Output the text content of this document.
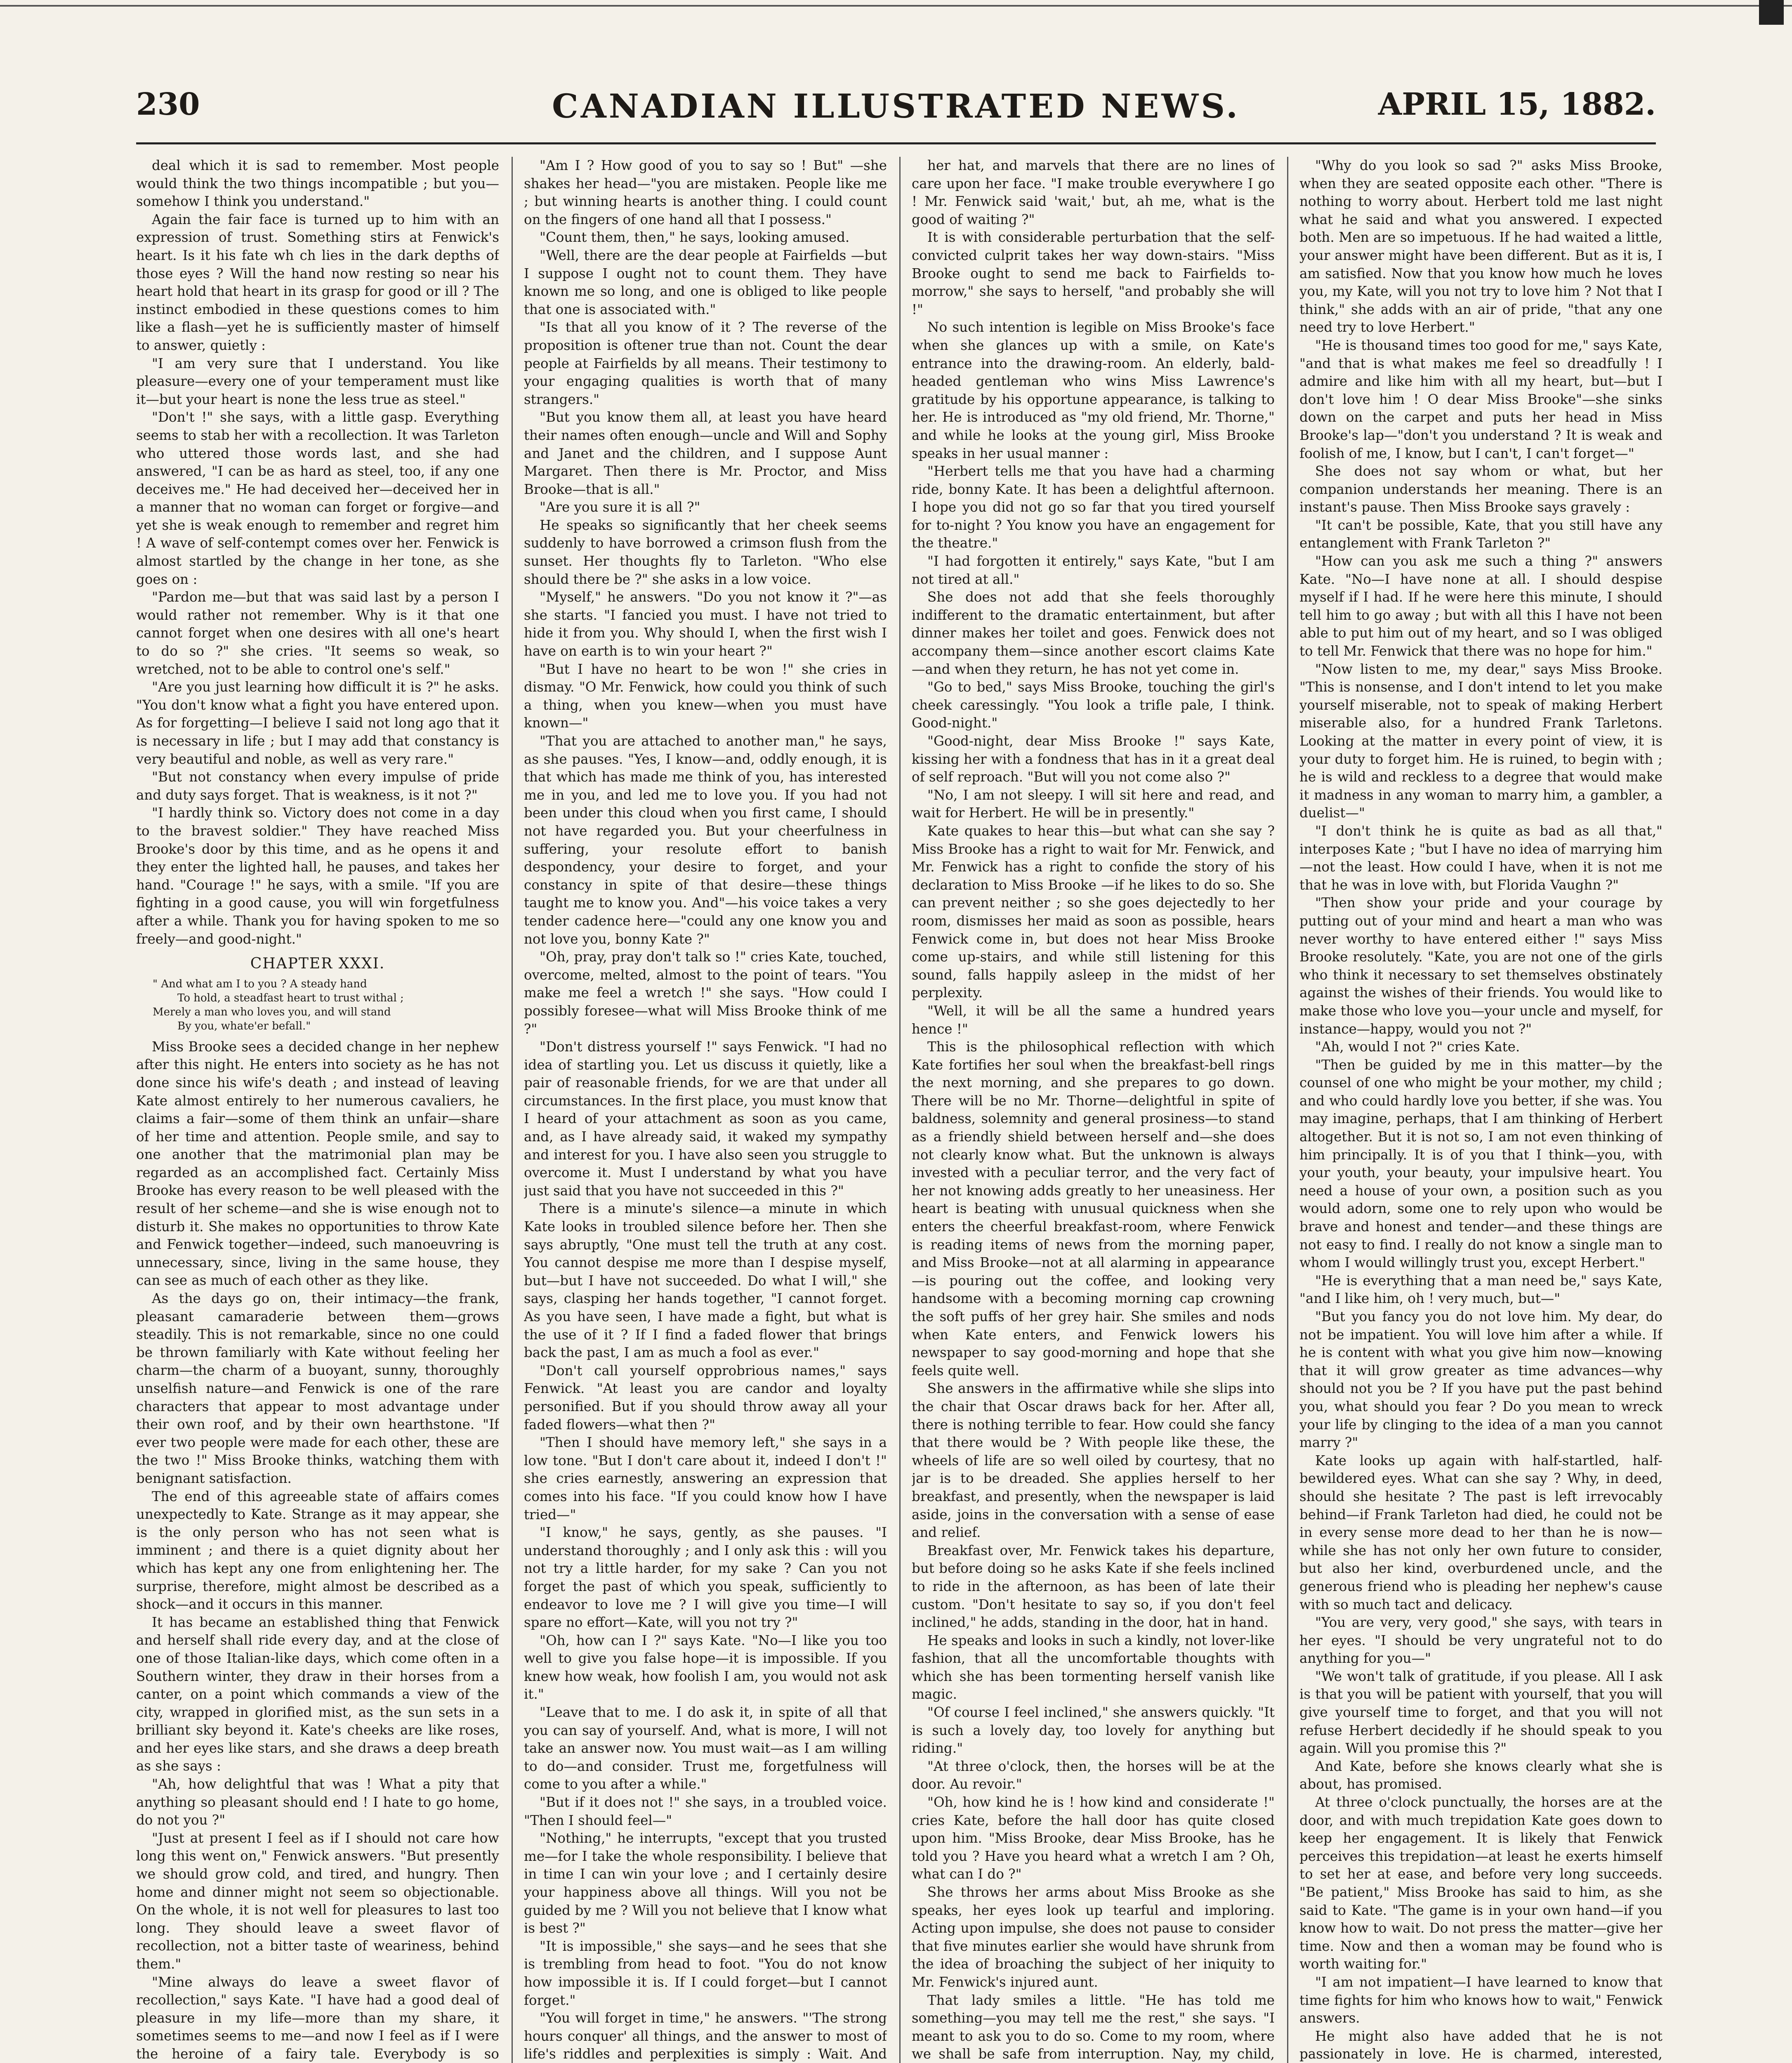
230	CANADIAN ILLUSTRATED NEWS.	APRIL 15, 1882.

deal which it is sad to remember. Most people would think the two things incompatible ; but you—somehow I think you understand."

Again the fair face is turned up to him with an expression of trust. Something stirs at Fenwick's heart. Is it his fate wh ch lies in the dark depths of those eyes ? Will the hand now resting so near his heart hold that heart in its grasp for good or ill ? The instinct embodied in these questions comes to him like a flash—yet he is sufficiently master of himself to answer, quietly :

"I am very sure that I understand. You like pleasure—every one of your temperament must like it—but your heart is none the less true as steel."

"Don't !" she says, with a little gasp. Everything seems to stab her with a recollection. It was Tarleton who uttered those words last, and she had answered, "I can be as hard as steel, too, if any one deceives me." He had deceived her—deceived her in a manner that no woman can forget or forgive—and yet she is weak enough to remember and regret him ! A wave of self-contempt comes over her. Fenwick is almost startled by the change in her tone, as she goes on :

"Pardon me—but that was said last by a person I would rather not remember. Why is it that one cannot forget when one desires with all one's heart to do so ?" she cries. "It seems so weak, so wretched, not to be able to control one's self."

"Are you just learning how difficult it is ?" he asks. "You don't know what a fight you have entered upon. As for forgetting—I believe I said not long ago that it is necessary in life ; but I may add that constancy is very beautiful and noble, as well as very rare."

"But not constancy when every impulse of pride and duty says forget. That is weakness, is it not ?"

"I hardly think so. Victory does not come in a day to the bravest soldier." They have reached Miss Brooke's door by this time, and as he opens it and they enter the lighted hall, he pauses, and takes her hand. "Courage !" he says, with a smile. "If you are fighting in a good cause, you will win forgetfulness after a while. Thank you for having spoken to me so freely—and good-night."

CHAPTER XXXI.
" And what am I to you ? A steady hand
To hold, a steadfast heart to trust withal ;
Merely a man who loves you, and will stand
By you, whate'er befall."

Miss Brooke sees a decided change in her nephew after this night. He enters into society as he has not done since his wife's death ; and instead of leaving Kate almost entirely to her numerous cavaliers, he claims a fair—some of them think an unfair—share of her time and attention. People smile, and say to one another that the matrimonial plan may be regarded as an accomplished fact. Certainly Miss Brooke has every reason to be well pleased with the result of her scheme—and she is wise enough not to disturb it. She makes no opportunities to throw Kate and Fenwick together—indeed, such manoeuvring is unnecessary, since, living in the same house, they can see as much of each other as they like.

As the days go on, their intimacy—the frank, pleasant camaraderie between them—grows steadily. This is not remarkable, since no one could be thrown familiarly with Kate without feeling her charm—the charm of a buoyant, sunny, thoroughly unselfish nature—and Fenwick is one of the rare characters that appear to most advantage under their own roof, and by their own hearthstone. "If ever two people were made for each other, these are the two !" Miss Brooke thinks, watching them with benignant satisfaction.

The end of this agreeable state of affairs comes unexpectedly to Kate. Strange as it may appear, she is the only person who has not seen what is imminent ; and there is a quiet dignity about her which has kept any one from enlightening her. The surprise, therefore, might almost be described as a shock—and it occurs in this manner.

It has became an established thing that Fenwick and herself shall ride every day, and at the close of one of those Italian-like days, which come often in a Southern winter, they draw in their horses from a canter, on a point which commands a view of the city, wrapped in glorified mist, as the sun sets in a brilliant sky beyond it. Kate's cheeks are like roses, and her eyes like stars, and she draws a deep breath as she says :

"Ah, how delightful that was ! What a pity that anything so pleasant should end ! I hate to go home, do not you ?"

"Just at present I feel as if I should not care how long this went on," Fenwick answers. "But presently we should grow cold, and tired, and hungry. Then home and dinner might not seem so objectionable. On the whole, it is not well for pleasures to last too long. They should leave a sweet flavor of recollection, not a bitter taste of weariness, behind them."

"Mine always do leave a sweet flavor of recollection," says Kate. "I have had a good deal of pleasure in my life—more than my share, it sometimes seems to me—and now I feel as if I were the heroine of a fairy tale. Everybody is so

"Am I ? How good of you to say so ! But" —she shakes her head—"you are mistaken. People like me ; but winning hearts is another thing. I could count on the fingers of one hand all that I possess."

"Count them, then," he says, looking amused.

"Well, there are the dear people at Fairfields —but I suppose I ought not to count them. They have known me so long, and one is obliged to like people that one is associated with."

"Is that all you know of it ? The reverse of the proposition is oftener true than not. Count the dear people at Fairfields by all means. Their testimony to your engaging qualities is worth that of many strangers."

"But you know them all, at least you have heard their names often enough—uncle and Will and Sophy and Janet and the children, and I suppose Aunt Margaret. Then there is Mr. Proctor, and Miss Brooke—that is all."

"Are you sure it is all ?"

He speaks so significantly that her cheek seems suddenly to have borrowed a crimson flush from the sunset. Her thoughts fly to Tarleton. "Who else should there be ?" she asks in a low voice.

"Myself," he answers. "Do you not know it ?"—as she starts. "I fancied you must. I have not tried to hide it from you. Why should I, when the first wish I have on earth is to win your heart ?"

"But I have no heart to be won !" she cries in dismay. "O Mr. Fenwick, how could you think of such a thing, when you knew—when you must have known—"

"That you are attached to another man," he says, as she pauses. "Yes, I know—and, oddly enough, it is that which has made me think of you, has interested me in you, and led me to love you. If you had not been under this cloud when you first came, I should not have regarded you. But your cheerfulness in suffering, your resolute effort to banish despondency, your desire to forget, and your constancy in spite of that desire—these things taught me to know you. And"—his voice takes a very tender cadence here—"could any one know you and not love you, bonny Kate ?"

"Oh, pray, pray don't talk so !" cries Kate, touched, overcome, melted, almost to the point of tears. "You make me feel a wretch !" she says. "How could I possibly foresee—what will Miss Brooke think of me ?"

"Don't distress yourself !" says Fenwick. "I had no idea of startling you. Let us discuss it quietly, like a pair of reasonable friends, for we are that under all circumstances. In the first place, you must know that I heard of your attachment as soon as you came, and, as I have already said, it waked my sympathy and interest for you. I have also seen you struggle to overcome it. Must I understand by what you have just said that you have not succeeded in this ?"

There is a minute's silence—a minute in which Kate looks in troubled silence before her. Then she says abruptly, "One must tell the truth at any cost. You cannot despise me more than I despise myself, but—but I have not succeeded. Do what I will," she says, clasping her hands together, "I cannot forget. As you have seen, I have made a fight, but what is the use of it ? If I find a faded flower that brings back the past, I am as much a fool as ever."

"Don't call yourself opprobrious names," says Fenwick. "At least you are candor and loyalty personified. But if you should throw away all your faded flowers—what then ?"

"Then I should have memory left," she says in a low tone. "But I don't care about it, indeed I don't !" she cries earnestly, answering an expression that comes into his face. "If you could know how I have tried—"

"I know," he says, gently, as she pauses. "I understand thoroughly ; and I only ask this : will you not try a little harder, for my sake ? Can you not forget the past of which you speak, sufficiently to endeavor to love me ? I will give you time—I will spare no effort—Kate, will you not try ?"

"Oh, how can I ?" says Kate. "No—I like you too well to give you false hope—it is impossible. If you knew how weak, how foolish I am, you would not ask it."

"Leave that to me. I do ask it, in spite of all that you can say of yourself. And, what is more, I will not take an answer now. You must wait—as I am willing to do—and consider. Trust me, forgetfulness will come to you after a while."

"But if it does not !" she says, in a troubled voice. "Then I should feel—"

"Nothing," he interrupts, "except that you trusted me—for I take the whole responsibility. I believe that in time I can win your love ; and I certainly desire your happiness above all things. Will you not be guided by me ? Will you not believe that I know what is best ?"

"It is impossible," she says—and he sees that she is trembling from head to foot. "You do not know how impossible it is. If I could forget—but I cannot forget."

"You will forget in time," he answers. "'The strong hours conquer' all things, and the answer to most of life's riddles and perplexities is simply : Wait. And

her hat, and marvels that there are no lines of care upon her face. "I make trouble everywhere I go ! Mr. Fenwick said 'wait,' but, ah me, what is the good of waiting ?"

It is with considerable perturbation that the self-convicted culprit takes her way down-stairs. "Miss Brooke ought to send me back to Fairfields to-morrow," she says to herself, "and probably she will !"

No such intention is legible on Miss Brooke's face when she glances up with a smile, on Kate's entrance into the drawing-room. An elderly, bald-headed gentleman who wins Miss Lawrence's gratitude by his opportune appearance, is talking to her. He is introduced as "my old friend, Mr. Thorne," and while he looks at the young girl, Miss Brooke speaks in her usual manner :

"Herbert tells me that you have had a charming ride, bonny Kate. It has been a delightful afternoon. I hope you did not go so far that you tired yourself for to-night ? You know you have an engagement for the theatre."

"I had forgotten it entirely," says Kate, "but I am not tired at all."

She does not add that she feels thoroughly indifferent to the dramatic entertainment, but after dinner makes her toilet and goes. Fenwick does not accompany them—since another escort claims Kate—and when they return, he has not yet come in.

"Go to bed," says Miss Brooke, touching the girl's cheek caressingly. "You look a trifle pale, I think. Good-night."

"Good-night, dear Miss Brooke !" says Kate, kissing her with a fondness that has in it a great deal of self reproach. "But will you not come also ?"

"No, I am not sleepy. I will sit here and read, and wait for Herbert. He will be in presently."

Kate quakes to hear this—but what can she say ? Miss Brooke has a right to wait for Mr. Fenwick, and Mr. Fenwick has a right to confide the story of his declaration to Miss Brooke —if he likes to do so. She can prevent neither ; so she goes dejectedly to her room, dismisses her maid as soon as possible, hears Fenwick come in, but does not hear Miss Brooke come up-stairs, and while still listening for this sound, falls happily asleep in the midst of her perplexity.

"Well, it will be all the same a hundred years hence !"

This is the philosophical reflection with which Kate fortifies her soul when the breakfast-bell rings the next morning, and she prepares to go down. There will be no Mr. Thorne—delightful in spite of baldness, solemnity and general prosiness—to stand as a friendly shield between herself and—she does not clearly know what. But the unknown is always invested with a peculiar terror, and the very fact of her not knowing adds greatly to her uneasiness. Her heart is beating with unusual quickness when she enters the cheerful breakfast-room, where Fenwick is reading items of news from the morning paper, and Miss Brooke—not at all alarming in appearance—is pouring out the coffee, and looking very handsome with a becoming morning cap crowning the soft puffs of her grey hair. She smiles and nods when Kate enters, and Fenwick lowers his newspaper to say good-morning and hope that she feels quite well.

She answers in the affirmative while she slips into the chair that Oscar draws back for her. After all, there is nothing terrible to fear. How could she fancy that there would be ? With people like these, the wheels of life are so well oiled by courtesy, that no jar is to be dreaded. She applies herself to her breakfast, and presently, when the newspaper is laid aside, joins in the conversation with a sense of ease and relief.

Breakfast over, Mr. Fenwick takes his departure, but before doing so he asks Kate if she feels inclined to ride in the afternoon, as has been of late their custom. "Don't hesitate to say so, if you don't feel inclined," he adds, standing in the door, hat in hand.

He speaks and looks in such a kindly, not lover-like fashion, that all the uncomfortable thoughts with which she has been tormenting herself vanish like magic.

"Of course I feel inclined," she answers quickly. "It is such a lovely day, too lovely for anything but riding."

"At three o'clock, then, the horses will be at the door. Au revoir."

"Oh, how kind he is ! how kind and considerate !" cries Kate, before the hall door has quite closed upon him. "Miss Brooke, dear Miss Brooke, has he told you ? Have you heard what a wretch I am ? Oh, what can I do ?"

She throws her arms about Miss Brooke as she speaks, her eyes look up tearful and imploring. Acting upon impulse, she does not pause to consider that five minutes earlier she would have shrunk from the idea of broaching the subject of her iniquity to Mr. Fenwick's injured aunt.

That lady smiles a little. "He has told me something—you may tell me the rest," she says. "I meant to ask you to do so. Come to my room, where we shall be safe from interruption. Nay, my child,

"Why do you look so sad ?" asks Miss Brooke, when they are seated opposite each other. "There is nothing to worry about. Herbert told me last night what he said and what you answered. I expected both. Men are so impetuous. If he had waited a little, your answer might have been different. But as it is, I am satisfied. Now that you know how much he loves you, my Kate, will you not try to love him ? Not that I think," she adds with an air of pride, "that any one need try to love Herbert."

"He is thousand times too good for me," says Kate, "and that is what makes me feel so dreadfully ! I admire and like him with all my heart, but—but I don't love him ! O dear Miss Brooke"—she sinks down on the carpet and puts her head in Miss Brooke's lap—"don't you understand ? It is weak and foolish of me, I know, but I can't, I can't forget—"

She does not say whom or what, but her companion understands her meaning. There is an instant's pause. Then Miss Brooke says gravely :

"It can't be possible, Kate, that you still have any entanglement with Frank Tarleton ?"

"How can you ask me such a thing ?" answers Kate. "No—I have none at all. I should despise myself if I had. If he were here this minute, I should tell him to go away ; but with all this I have not been able to put him out of my heart, and so I was obliged to tell Mr. Fenwick that there was no hope for him."

"Now listen to me, my dear," says Miss Brooke. "This is nonsense, and I don't intend to let you make yourself miserable, not to speak of making Herbert miserable also, for a hundred Frank Tarletons. Looking at the matter in every point of view, it is your duty to forget him. He is ruined, to begin with ; he is wild and reckless to a degree that would make it madness in any woman to marry him, a gambler, a duelist—"

"I don't think he is quite as bad as all that," interposes Kate ; "but I have no idea of marrying him—not the least. How could I have, when it is not me that he was in love with, but Florida Vaughn ?"

"Then show your pride and your courage by putting out of your mind and heart a man who was never worthy to have entered either !" says Miss Brooke resolutely. "Kate, you are not one of the girls who think it necessary to set themselves obstinately against the wishes of their friends. You would like to make those who love you—your uncle and myself, for instance—happy, would you not ?"

"Ah, would I not ?" cries Kate.

"Then be guided by me in this matter—by the counsel of one who might be your mother, my child ; and who could hardly love you better, if she was. You may imagine, perhaps, that I am thinking of Herbert altogether. But it is not so, I am not even thinking of him principally. It is of you that I think—you, with your youth, your beauty, your impulsive heart. You need a house of your own, a position such as you would adorn, some one to rely upon who would be brave and honest and tender—and these things are not easy to find. I really do not know a single man to whom I would willingly trust you, except Herbert."

"He is everything that a man need be," says Kate, "and I like him, oh ! very much, but—"

"But you fancy you do not love him. My dear, do not be impatient. You will love him after a while. If he is content with what you give him now—knowing that it will grow greater as time advances—why should not you be ? If you have put the past behind you, what should you fear ? Do you mean to wreck your life by clinging to the idea of a man you cannot marry ?"

Kate looks up again with half-startled, half-bewildered eyes. What can she say ? Why, in deed, should she hesitate ? The past is left irrevocably behind—if Frank Tarleton had died, he could not be in every sense more dead to her than he is now—while she has not only her own future to consider, but also her kind, overburdened uncle, and the generous friend who is pleading her nephew's cause with so much tact and delicacy.

"You are very, very good," she says, with tears in her eyes. "I should be very ungrateful not to do anything for you—"

"We won't talk of gratitude, if you please. All I ask is that you will be patient with yourself, that you will give yourself time to forget, and that you will not refuse Herbert decidedly if he should speak to you again. Will you promise this ?"

And Kate, before she knows clearly what she is about, has promised.

At three o'clock punctually, the horses are at the door, and with much trepidation Kate goes down to keep her engagement. It is likely that Fenwick perceives this trepidation—at least he exerts himself to set her at ease, and before very long succeeds. "Be patient," Miss Brooke has said to him, as she said to Kate. "The game is in your own hand—if you know how to wait. Do not press the matter—give her time. Now and then a woman may be found who is worth waiting for."

"I am not impatient—I have learned to know that time fights for him who knows how to wait," Fenwick answers.

He might also have added that he is not passionately in love. He is charmed, interested,
